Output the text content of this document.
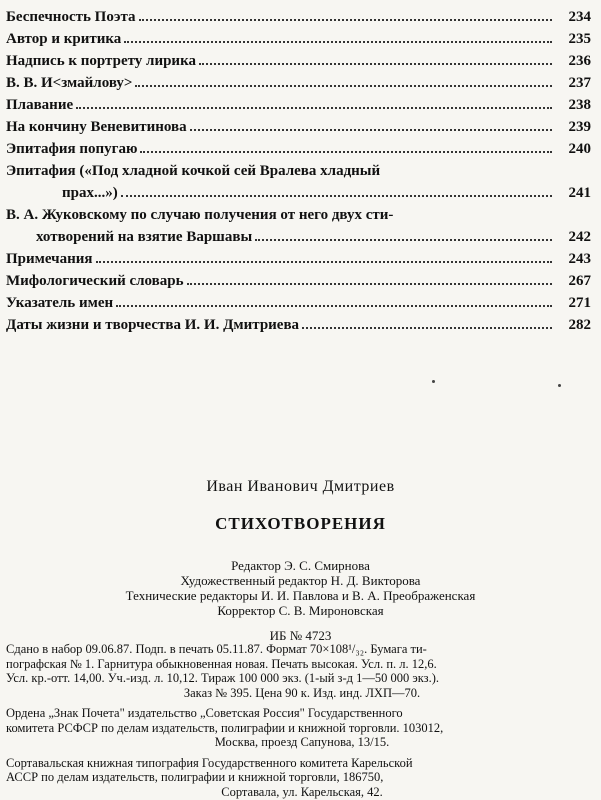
Беспечность Поэта	234
Автор и критика	235
Надпись к портрету лирика	236
В. В. И<змайлову>	237
Плавание	238
На кончину Веневитинова	239
Эпитафия попугаю	240
Эпитафия («Под хладной кочкой сей Вралева хладный
прах...»)	241
В. А. Жуковскому по случаю получения от него двух сти-
хотворений на взятие Варшавы	242
Примечания	243
Мифологический словарь	267
Указатель имен	271
Даты жизни и творчества И. И. Дмитриева	282
Иван Иванович Дмитриев
СТИХОТВОРЕНИЯ
Редактор Э. С. Смирнова
Художественный редактор Н. Д. Викторова
Технические редакторы И. И. Павлова и В. А. Преображенская
Корректор С. В. Мироновская
ИБ № 4723
Сдано в набор 09.06.87. Подп. в печать 05.11.87. Формат 70×108¹/₃₂. Бумага ти-
пографская № 1. Гарнитура обыкновенная новая. Печать высокая. Усл. п. л. 12,6.
Усл. кр.-отт. 14,00. Уч.-изд. л. 10,12. Тираж 100 000 экз. (1-ый з-д 1—50 000 экз.).
Заказ № 395. Цена 90 к. Изд. инд. ЛХП—70.
Ордена „Знак Почета" издательство „Советская Россия" Государственного
комитета РСФСР по делам издательств, полиграфии и книжной торговли. 103012,
Москва, проезд Сапунова, 13/15.
Сортавальская книжная типография Государственного комитета Карельской
АССР по делам издательств, полиграфии и книжной торговли, 186750,
Сортавала, ул. Карельская, 42.
